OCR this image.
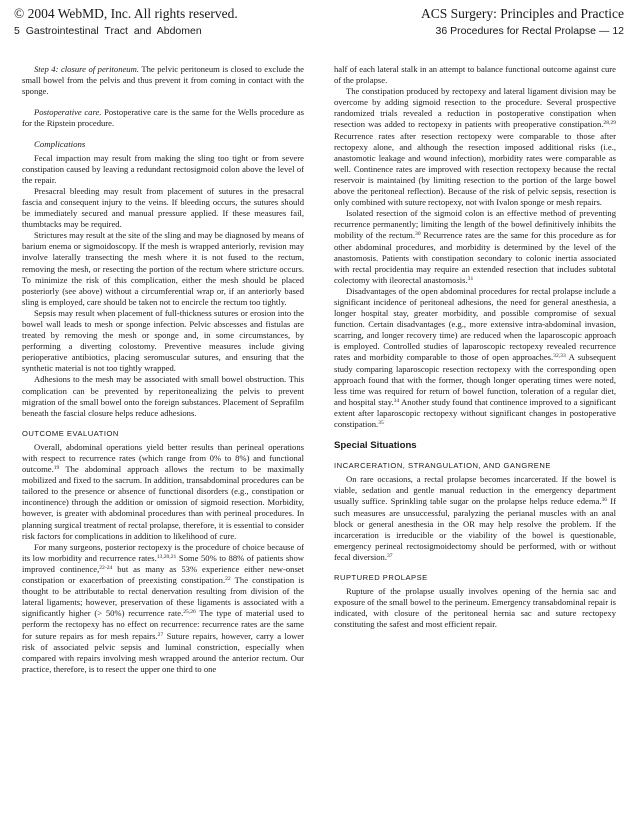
© 2004 WebMD, Inc. All rights reserved.	ACS Surgery: Principles and Practice
5 Gastrointestinal Tract and Abdomen	36 Procedures for Rectal Prolapse — 12

Step 4: closure of peritoneum. The pelvic peritoneum is closed to exclude the small bowel from the pelvis and thus prevent it from coming in contact with the sponge.

Postoperative care. Postoperative care is the same for the Wells procedure as for the Ripstein procedure.

Complications

Fecal impaction may result from making the sling too tight or from severe constipation caused by leaving a redundant rectosigmoid colon above the level of the repair.

Presacral bleeding may result from placement of sutures in the presacral fascia and consequent injury to the veins. If bleeding occurs, the sutures should be immediately secured and manual pressure applied. If these measures fail, thumbtacks may be required.

Strictures may result at the site of the sling and may be diagnosed by means of barium enema or sigmoidoscopy. If the mesh is wrapped anteriorly, revision may involve laterally transecting the mesh where it is not fused to the rectum, removing the mesh, or resecting the portion of the rectum where stricture occurs. To minimize the risk of this complication, either the mesh should be placed posteriorly (see above) without a circumferential wrap or, if an anteriorly based sling is employed, care should be taken not to encircle the rectum too tightly.

Sepsis may result when placement of full-thickness sutures or erosion into the bowel wall leads to mesh or sponge infection. Pelvic abscesses and fistulas are treated by removing the mesh or sponge and, in some circumstances, by performing a diverting colostomy. Preventive measures include giving perioperative antibiotics, placing seromuscular sutures, and ensuring that the synthetic material is not too tightly wrapped.

Adhesions to the mesh may be associated with small bowel obstruction. This complication can be prevented by reperitonealizing the pelvis to prevent migration of the small bowel onto the foreign substances. Placement of Seprafilm beneath the fascial closure helps reduce adhesions.

OUTCOME EVALUATION

Overall, abdominal operations yield better results than perineal operations with respect to recurrence rates (which range from 0% to 8%) and functional outcome.$^{19}$ The abdominal approach allows the rectum to be maximally mobilized and fixed to the sacrum. In addition, transabdominal procedures can be tailored to the presence or absence of functional disorders (e.g., constipation or incontinence) through the addition or omission of sigmoid resection. Morbidity, however, is greater with abdominal procedures than with perineal procedures. In planning surgical treatment of rectal prolapse, therefore, it is essential to consider risk factors for complications in addition to likelihood of cure.

For many surgeons, posterior rectopexy is the procedure of choice because of its low morbidity and recurrence rates.$^{13,20,21}$ Some 50% to 88% of patients show improved continence,$^{22-24}$ but as many as 53% experience either new-onset constipation or exacerbation of preexisting constipation.$^{22}$ The constipation is thought to be attributable to rectal denervation resulting from division of the lateral ligaments; however, preservation of these ligaments is associated with a significantly higher (> 50%) recurrence rate.$^{25,26}$ The type of material used to perform the rectopexy has no effect on recurrence: recurrence rates are the same for suture repairs as for mesh repairs.$^{27}$ Suture repairs, however, carry a lower risk of associated pelvic sepsis and luminal constriction, especially when compared with repairs involving mesh wrapped around the anterior rectum. Our practice, therefore, is to resect the upper one third to one

half of each lateral stalk in an attempt to balance functional outcome against cure of the prolapse.

The constipation produced by rectopexy and lateral ligament division may be overcome by adding sigmoid resection to the procedure. Several prospective randomized trials revealed a reduction in postoperative constipation when resection was added to rectopexy in patients with preoperative constipation.$^{28,29}$ Recurrence rates after resection rectopexy were comparable to those after rectopexy alone, and although the resection imposed additional risks (i.e., anastomotic leakage and wound infection), morbidity rates were comparable as well. Continence rates are improved with resection rectopexy because the rectal reservoir is maintained (by limiting resection to the portion of the large bowel above the peritoneal reflection). Because of the risk of pelvic sepsis, resection is only combined with suture rectopexy, not with Ivalon sponge or mesh repairs.

Isolated resection of the sigmoid colon is an effective method of preventing recurrence permanently; limiting the length of the bowel definitively inhibits the mobility of the rectum.$^{30}$ Recurrence rates are the same for this procedure as for other abdominal procedures, and morbidity is determined by the level of the anastomosis. Patients with constipation secondary to colonic inertia associated with rectal procidentia may require an extended resection that includes subtotal colectomy with ileorectal anastomosis.$^{31}$

Disadvantages of the open abdominal procedures for rectal prolapse include a significant incidence of peritoneal adhesions, the need for general anesthesia, a longer hospital stay, greater morbidity, and possible compromise of sexual function. Certain disadvantages (e.g., more extensive intra-abdominal invasion, scarring, and longer recovery time) are reduced when the laparoscopic approach is employed. Controlled studies of laparoscopic rectopexy revealed recurrence rates and morbidity comparable to those of open approaches.$^{32,33}$ A subsequent study comparing laparoscopic resection rectopexy with the corresponding open approach found that with the former, though longer operating times were noted, less time was required for return of bowel function, toleration of a regular diet, and hospital stay.$^{34}$ Another study found that continence improved to a significant extent after laparoscopic rectopexy without significant changes in postoperative constipation.$^{35}$

Special Situations
INCARCERATION, STRANGULATION, AND GANGRENE

On rare occasions, a rectal prolapse becomes incarcerated. If the bowel is viable, sedation and gentle manual reduction in the emergency department usually suffice. Sprinkling table sugar on the prolapse helps reduce edema.$^{36}$ If such measures are unsuccessful, paralyzing the perianal muscles with an anal block or general anesthesia in the OR may help resolve the problem. If the incarceration is irreducible or the viability of the bowel is questionable, emergency perineal rectosigmoidectomy should be performed, with or without fecal diversion.$^{37}$

RUPTURED PROLAPSE

Rupture of the prolapse usually involves opening of the hernia sac and exposure of the small bowel to the perineum. Emergency transabdominal repair is indicated, with closure of the peritoneal hernia sac and suture rectopexy constituting the safest and most efficient repair.
